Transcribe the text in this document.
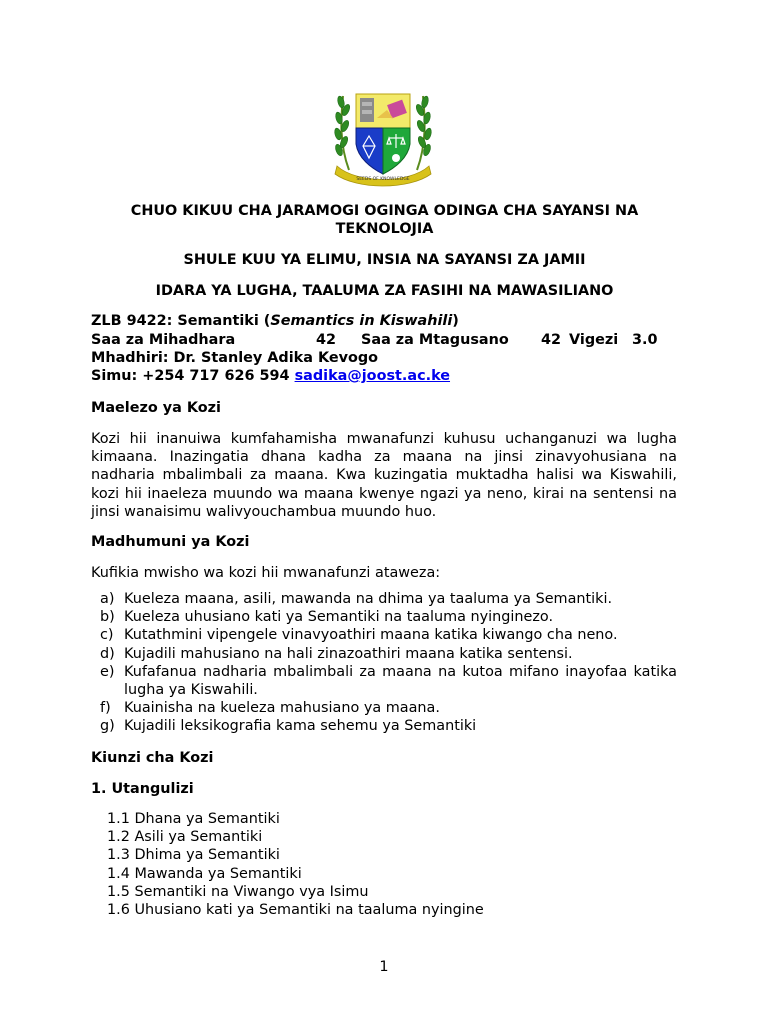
SEEDS OF KNOWLEDGE
CHUO KIKUU CHA JARAMOGI OGINGA ODINGA CHA SAYANSI NA TEKNOLOJIA
SHULE KUU YA ELIMU, INSIA NA SAYANSI ZA JAMII
IDARA YA LUGHA, TAALUMA ZA FASIHI NA MAWASILIANO
ZLB 9422: Semantiki (Semantics in Kiswahili)
Saa za Mihadhara	42 Saa za Mtagusano 42 Vigezi 3.0
Mhadhiri: Dr. Stanley Adika Kevogo
Simu: +254 717 626 594 sadika@joost.ac.ke
Maelezo ya Kozi

Kozi hii inanuiwa kumfahamisha mwanafunzi kuhusu uchanganuzi wa lugha kimaana. Inazingatia dhana kadha za maana na jinsi zinavyohusiana na nadharia mbalimbali za maana. Kwa kuzingatia muktadha halisi wa Kiswahili, kozi hii inaeleza muundo wa maana kwenye ngazi ya neno, kirai na sentensi na jinsi wanaisimu walivyouchambua muundo huo.

Madhumuni ya Kozi
Kufikia mwisho wa kozi hii mwanafunzi ataweza:
a) Kueleza maana, asili, mawanda na dhima ya taaluma ya Semantiki.
b) Kueleza uhusiano kati ya Semantiki na taaluma nyinginezo.
c) Kutathmini vipengele vinavyoathiri maana katika kiwango cha neno.
d) Kujadili mahusiano na hali zinazoathiri maana katika sentensi.
e) Kufafanua nadharia mbalimbali za maana na kutoa mifano inayofaa katika lugha ya Kiswahili.
f) Kuainisha na kueleza mahusiano ya maana.
g) Kujadili leksikografia kama sehemu ya Semantiki
Kiunzi cha Kozi
1. Utangulizi
1.1 Dhana ya Semantiki
1.2 Asili ya Semantiki
1.3 Dhima ya Semantiki
1.4 Mawanda ya Semantiki
1.5 Semantiki na Viwango vya Isimu
1.6 Uhusiano kati ya Semantiki na taaluma nyingine
1
